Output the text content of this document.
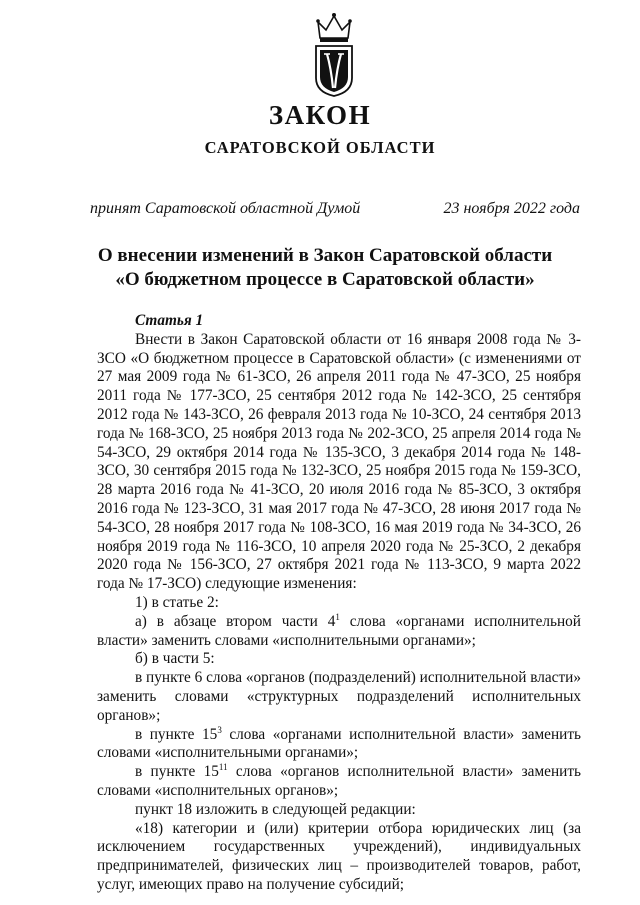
ЗАКОН
САРАТОВСКОЙ ОБЛАСТИ
принят Саратовской областной Думой	23 ноября 2022 года
О внесении изменений в Закон Саратовской области
«О бюджетном процессе в Саратовской области»

Статья 1

Внести в Закон Саратовской области от 16 января 2008 года № 3-ЗСО «О бюджетном процессе в Саратовской области» (с изменениями от 27 мая 2009 года № 61-ЗСО, 26 апреля 2011 года № 47-ЗСО, 25 ноября 2011 года № 177-ЗСО, 25 сентября 2012 года № 142-ЗСО, 25 сентября 2012 года № 143-ЗСО, 26 февраля 2013 года № 10-ЗСО, 24 сентября 2013 года № 168-ЗСО, 25 ноября 2013 года № 202-ЗСО, 25 апреля 2014 года № 54-ЗСО, 29 октября 2014 года № 135-ЗСО, 3 декабря 2014 года № 148-ЗСО, 30 сентября 2015 года № 132-ЗСО, 25 ноября 2015 года № 159-ЗСО, 28 марта 2016 года № 41-ЗСО, 20 июля 2016 года № 85-ЗСО, 3 октября 2016 года № 123-ЗСО, 31 мая 2017 года № 47-ЗСО, 28 июня 2017 года № 54-ЗСО, 28 ноября 2017 года № 108-ЗСО, 16 мая 2019 года № 34-ЗСО, 26 ноября 2019 года № 116-ЗСО, 10 апреля 2020 года № 25-ЗСО, 2 декабря 2020 года № 156-ЗСО, 27 октября 2021 года № 113-ЗСО, 9 марта 2022 года № 17-ЗСО) следующие изменения:

1) в статье 2:

а) в абзаце втором части $4^1$ слова «органами исполнительной власти» заменить словами «исполнительными органами»;

б) в части 5:

в пункте 6 слова «органов (подразделений) исполнительной власти» заменить словами «структурных подразделений исполнительных органов»;

в пункте $15^3$ слова «органами исполнительной власти» заменить словами «исполнительными органами»;

в пункте $15^{11}$ слова «органов исполнительной власти» заменить словами «исполнительных органов»;

пункт 18 изложить в следующей редакции:

«18) категории и (или) критерии отбора юридических лиц (за исключением государственных учреждений), индивидуальных предпринимателей, физических лиц – производителей товаров, работ, услуг, имеющих право на получение субсидий;
